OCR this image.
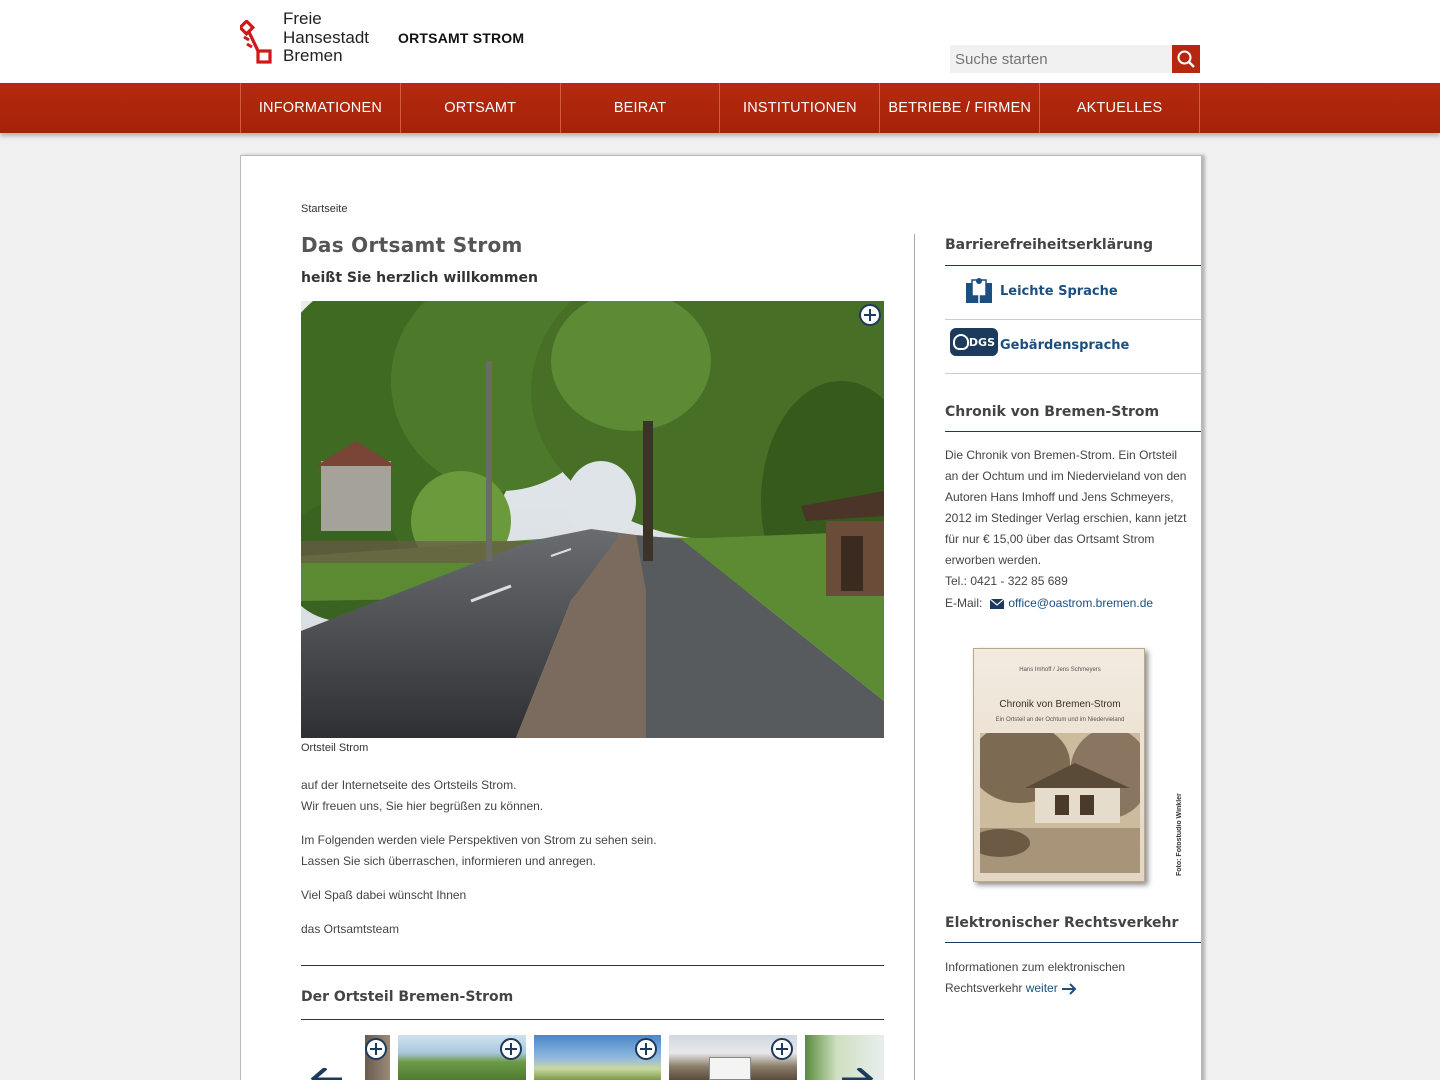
Freie
Hansestadt
Bremen
ORTSAMT STROM
Suche starten
INFORMATIONEN	ORTSAMT	BEIRAT	INSTITUTIONEN	BETRIEBE / FIRMEN	AKTUELLES
Startseite
Das Ortsamt Strom
heißt Sie herzlich willkommen
Ortsteil Strom
auf der Internetseite des Ortsteils Strom.
Wir freuen uns, Sie hier begrüßen zu können.
Im Folgenden werden viele Perspektiven von Strom zu sehen sein.
Lassen Sie sich überraschen, informieren und anregen.
Viel Spaß dabei wünscht Ihnen
das Ortsamtsteam
Der Ortsteil Bremen-Strom
Barrierefreiheitserklärung
Leichte Sprache
DGS Gebärdensprache
Chronik von Bremen-Strom
Die Chronik von Bremen-Strom. Ein Ortsteil an der Ochtum und im Niedervieland von den Autoren Hans Imhoff und Jens Schmeyers, 2012 im Stedinger Verlag erschien, kann jetzt für nur € 15,00 über das Ortsamt Strom erworben werden.
Tel.: 0421 - 322 85 689
E-Mail: office@oastrom.bremen.de
Hans Imhoff / Jens Schmeyers
Chronik von Bremen-Strom
Ein Ortsteil an der Ochtum und im Niedervieland
Foto: Fotostudio Winkler
Elektronischer Rechtsverkehr
Informationen zum elektronischen Rechtsverkehr weiter
